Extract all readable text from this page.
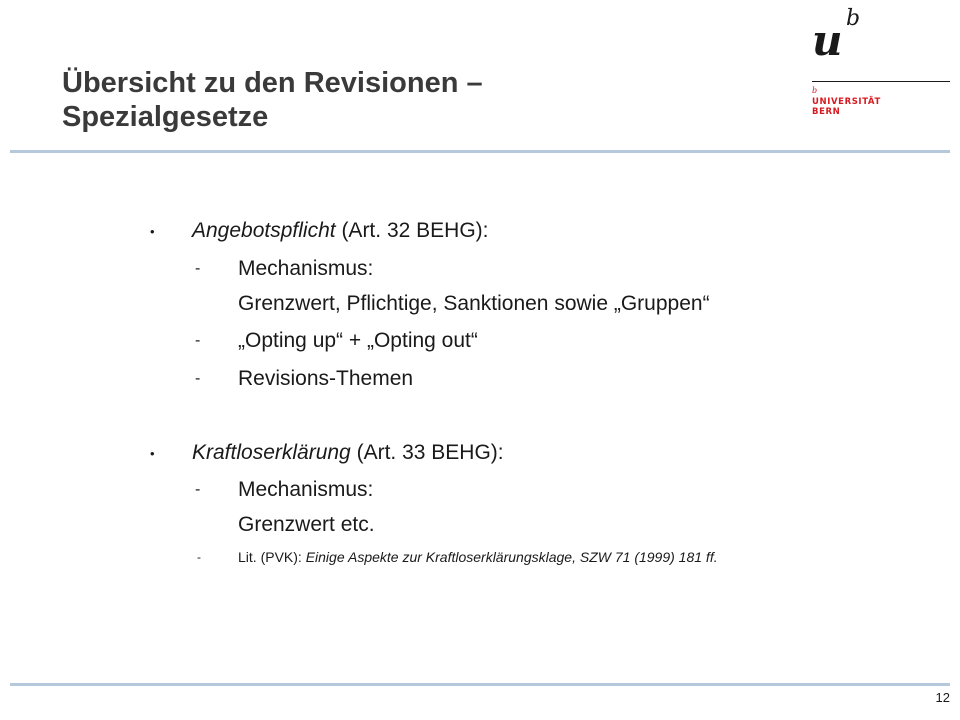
Übersicht zu den Revisionen –
Spezialgesetze
u b
b
UNIVERSITÄT
BERN
• Angebotspflicht (Art. 32 BEHG):
- Mechanismus:
Grenzwert, Pflichtige, Sanktionen sowie „Gruppen“
- „Opting up“ + „Opting out“
- Revisions-Themen
• Kraftloserklärung (Art. 33 BEHG):
- Mechanismus:
Grenzwert etc.
-	Lit. (PVK): Einige Aspekte zur Kraftloserklärungsklage, SZW 71 (1999) 181 ff.
12
